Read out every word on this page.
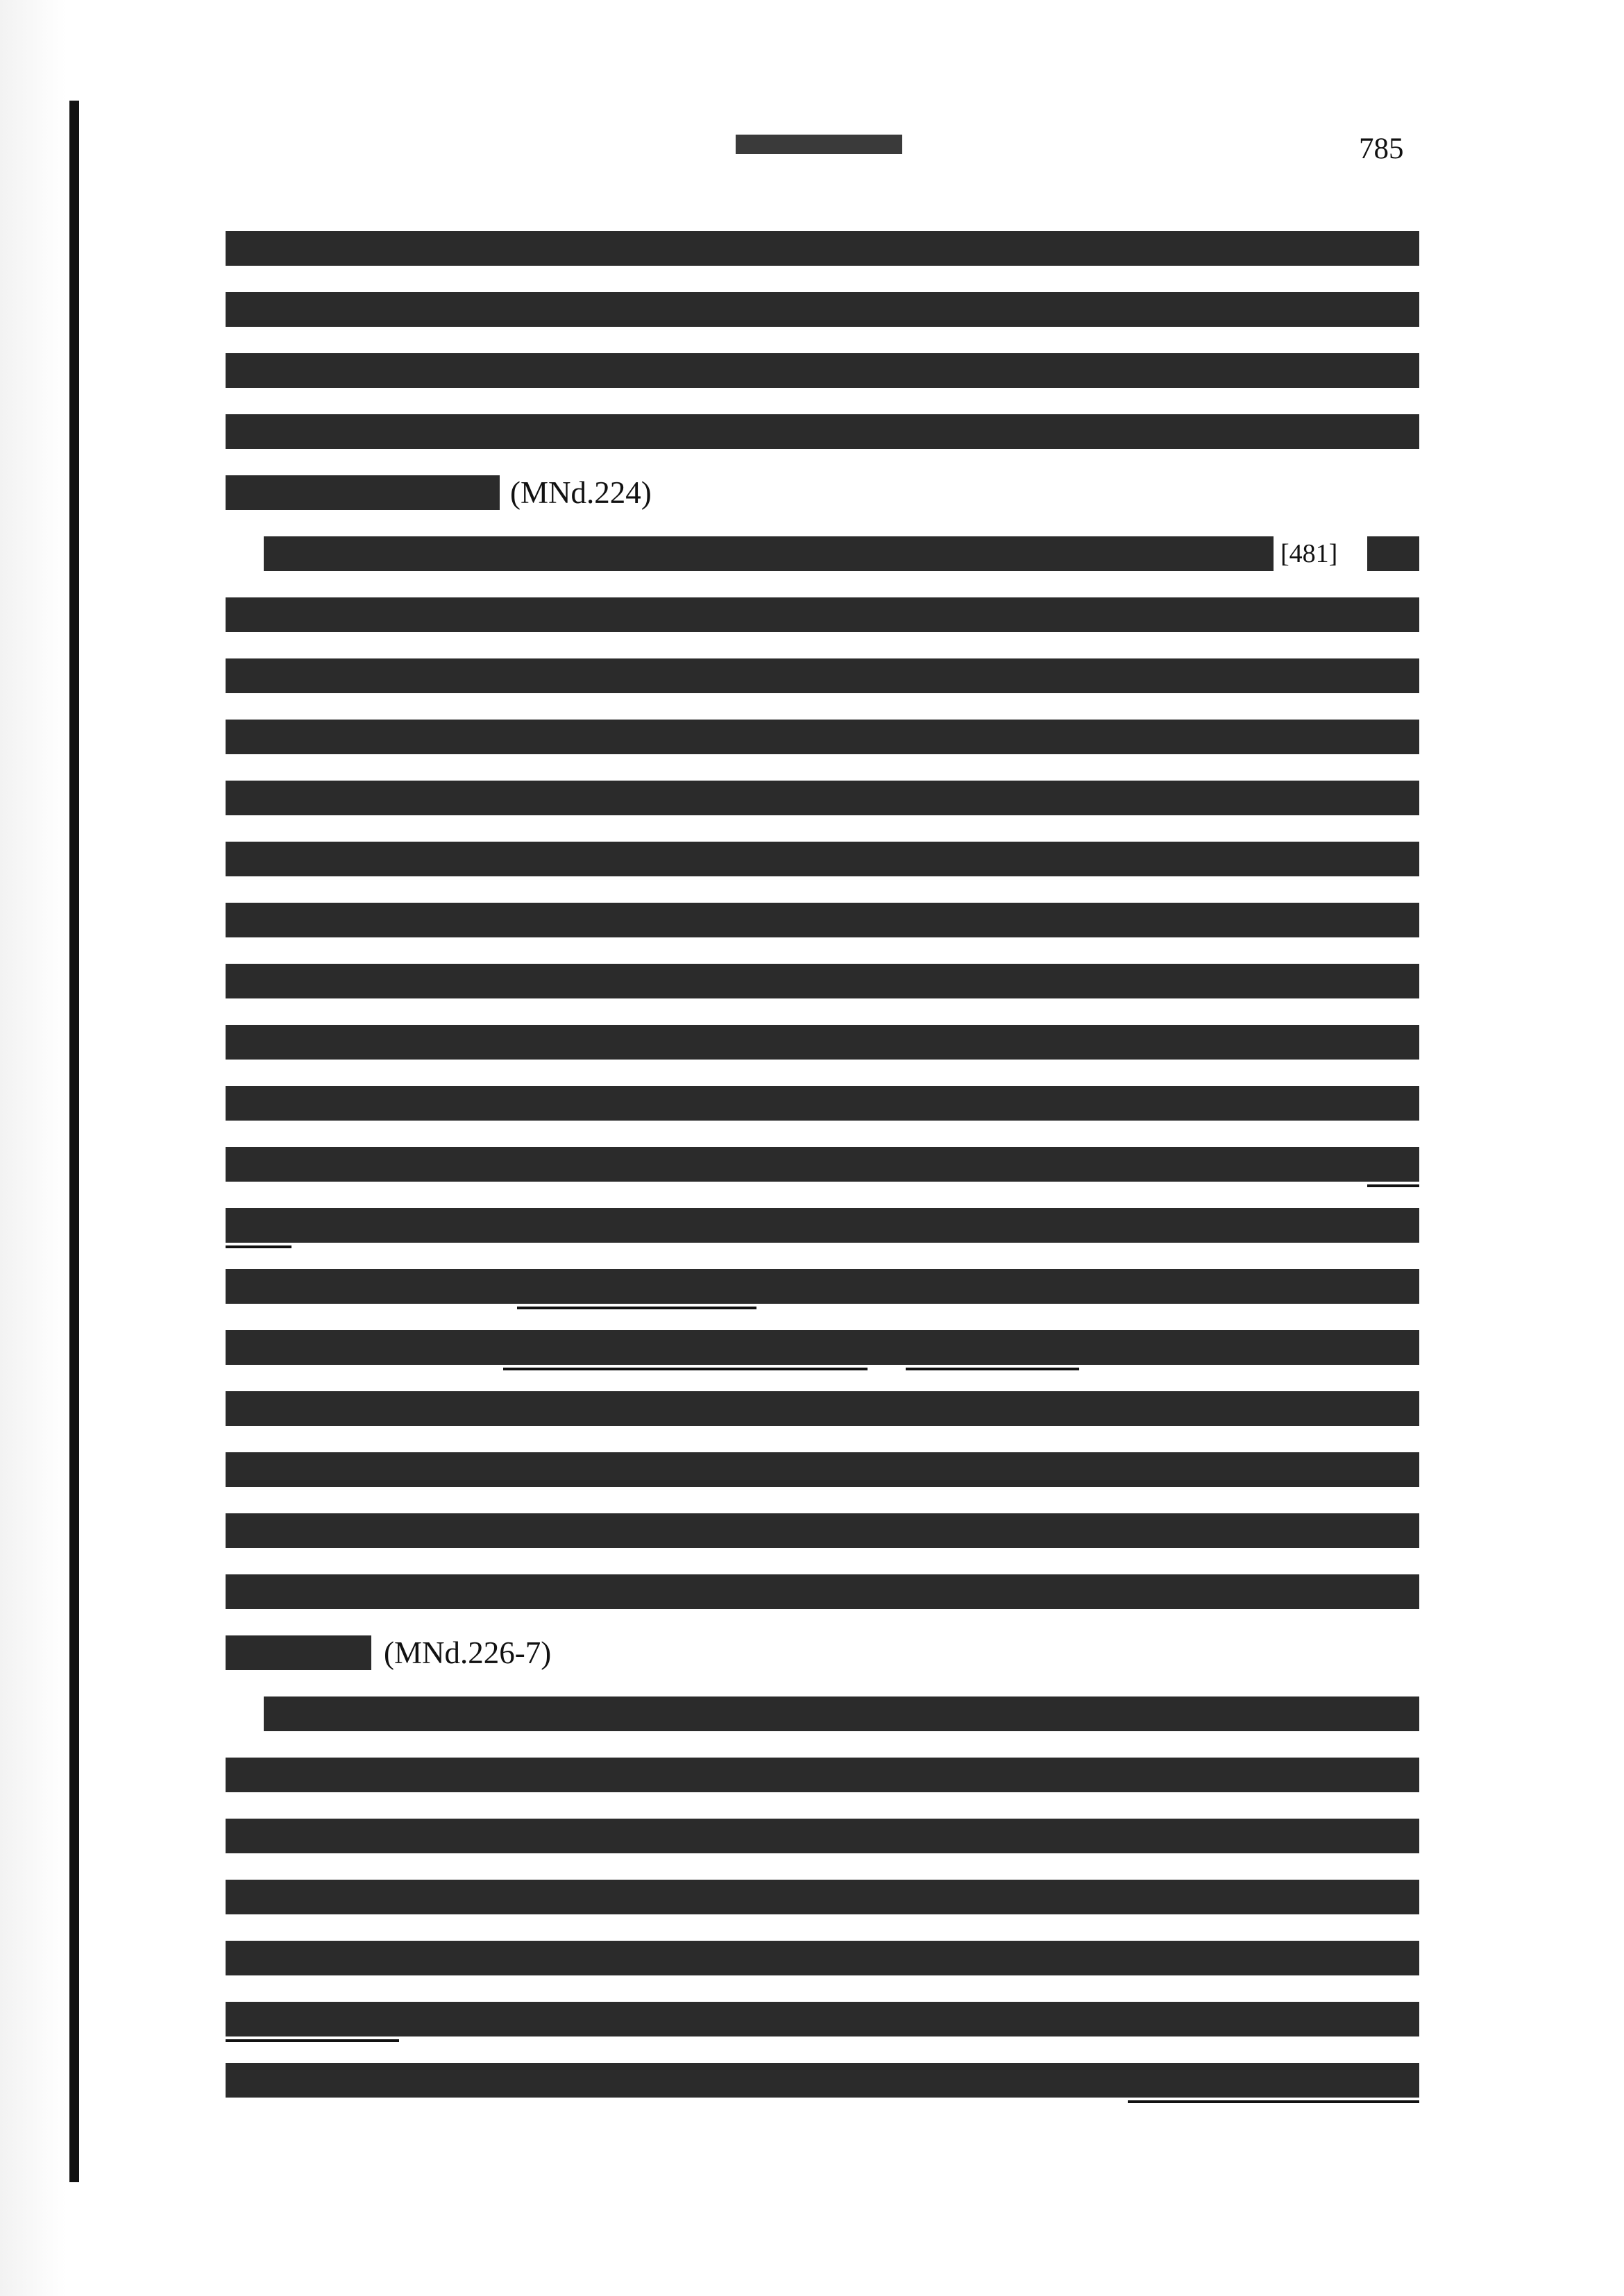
785
(MNd.224)
[481]
(MNd.226-7)
